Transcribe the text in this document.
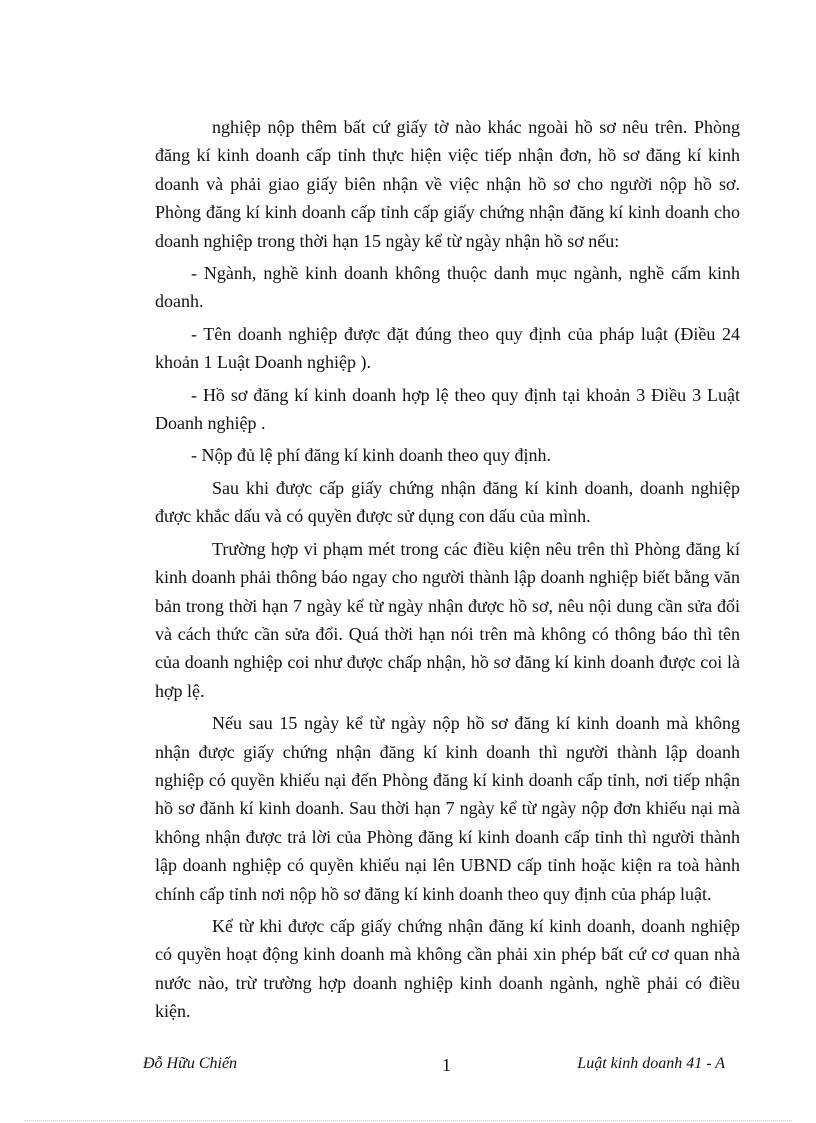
nghiệp nộp thêm bất cứ giấy tờ nào khác ngoài hồ sơ nêu trên. Phòng đăng kí kinh doanh cấp tỉnh thực hiện việc tiếp nhận đơn, hồ sơ đăng kí kinh doanh và phải giao giấy biên nhận về việc nhận hồ sơ cho người nộp hồ sơ. Phòng đăng kí kinh doanh cấp tỉnh cấp giấy chứng nhận đăng kí kinh doanh cho doanh nghiệp trong thời hạn 15 ngày kể từ ngày nhận hồ sơ nếu:

- Ngành, nghề kinh doanh không thuộc danh mục ngành, nghề cấm kinh doanh.

- Tên doanh nghiệp được đặt đúng theo quy định của pháp luật (Điều 24 khoản 1 Luật Doanh nghiệp ).

- Hồ sơ đăng kí kinh doanh hợp lệ theo quy định tại khoản 3 Điều 3 Luật Doanh nghiệp .

- Nộp đủ lệ phí đăng kí kinh doanh theo quy định.

Sau khi được cấp giấy chứng nhận đăng kí kinh doanh, doanh nghiệp được khắc dấu và có quyền được sử dụng con dấu của mình.

Trường hợp vi phạm mét trong các điều kiện nêu trên thì Phòng đăng kí kinh doanh phải thông báo ngay cho người thành lập doanh nghiệp biết bằng văn bản trong thời hạn 7 ngày kể từ ngày nhận được hồ sơ, nêu nội dung cần sửa đổi và cách thức cần sửa đổi. Quá thời hạn nói trên mà không có thông báo thì tên của doanh nghiệp coi như được chấp nhận, hồ sơ đăng kí kinh doanh được coi là hợp lệ.

Nếu sau 15 ngày kể từ ngày nộp hồ sơ đăng kí kinh doanh mà không nhận được giấy chứng nhận đăng kí kinh doanh thì người thành lập doanh nghiệp có quyền khiếu nại đến Phòng đăng kí kinh doanh cấp tỉnh, nơi tiếp nhận hồ sơ đănh kí kinh doanh. Sau thời hạn 7 ngày kể từ ngày nộp đơn khiếu nại mà không nhận được trả lời của Phòng đăng kí kinh doanh cấp tỉnh thì người thành lập doanh nghiệp có quyền khiếu nại lên UBND cấp tỉnh hoặc kiện ra toà hành chính cấp tỉnh nơi nộp hồ sơ đăng kí kinh doanh theo quy định của pháp luật.

Kể từ khi được cấp giấy chứng nhận đăng kí kinh doanh, doanh nghiệp có quyền hoạt động kinh doanh mà không cần phải xin phép bất cứ cơ quan nhà nước nào, trừ trường hợp doanh nghiệp kinh doanh ngành, nghề phải có điều kiện.

Đỗ Hữu Chiến	1	Luật kinh doanh 41 - A
